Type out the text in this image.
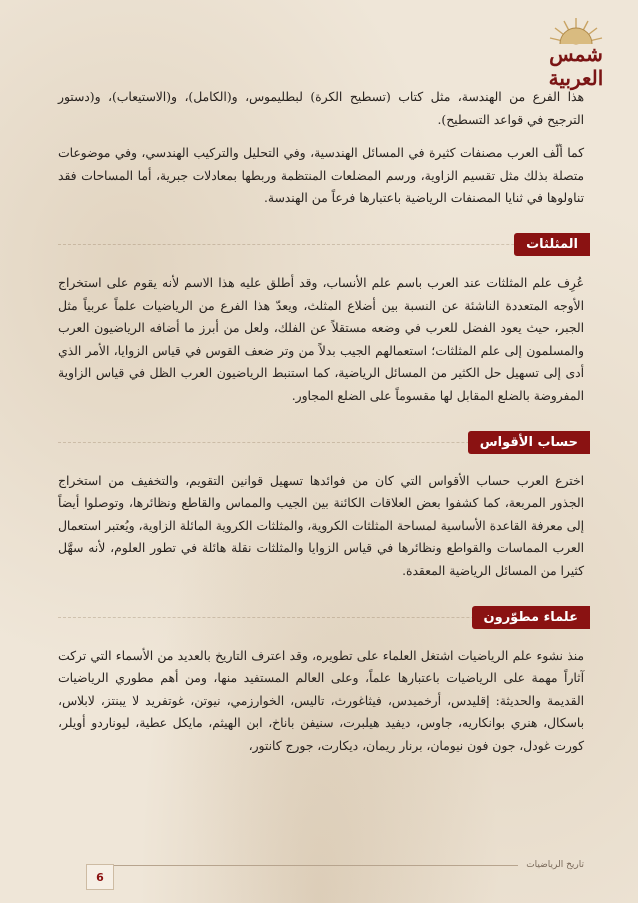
شمس العربية

هذا الفرع من الهندسة، مثل كتاب (تسطيح الكرة) لبطليموس، و(الكامل)، و(الاستيعاب)، و(دستور الترجيح في قواعد التسطيح).

كما ألّف العرب مصنفات كثيرة في المسائل الهندسية، وفي التحليل والتركيب الهندسي، وفي موضوعات متصلة بذلك مثل تقسيم الزاوية، ورسم المضلعات المنتظمة وربطها بمعادلات جبرية، أما المساحات فقد تناولوها في ثنايا المصنفات الرياضية باعتبارها فرعاً من الهندسة.

المثلثات

عُرِف علم المثلثات عند العرب باسم علم الأنساب، وقد أطلق عليه هذا الاسم لأنه يقوم على استخراج الأوجه المتعددة الناشئة عن النسبة بين أضلاع المثلث، ويعدّ هذا الفرع من الرياضيات علماً عربياً مثل الجبر، حيث يعود الفضل للعرب في وضعه مستقلاً عن الفلك، ولعل من أبرز ما أضافه الرياضيون العرب والمسلمون إلى علم المثلثات؛ استعمالهم الجيب بدلاً من وتر ضعف القوس في قياس الزوايا، الأمر الذي أدى إلى تسهيل حل الكثير من المسائل الرياضية، كما استنبط الرياضيون العرب الظل في قياس الزاوية المفروضة بالضلع المقابل لها مقسوماً على الضلع المجاور.

حساب الأقواس

اخترع العرب حساب الأقواس التي كان من فوائدها تسهيل قوانين التقويم، والتخفيف من استخراج الجذور المربعة، كما كشفوا بعض العلاقات الكائنة بين الجيب والمماس والقاطع ونظائرها، وتوصلوا أيضاً إلى معرفة القاعدة الأساسية لمساحة المثلثات الكروية، والمثلثات الكروية المائلة الزاوية، ويُعتبر استعمال العرب المماسات والقواطع ونظائرها في قياس الزوايا والمثلثات نقلة هائلة في تطور العلوم، لأنه سهَّل كثيرا من المسائل الرياضية المعقدة.

علماء مطوّرون

منذ نشوء علم الرياضيات اشتغل العلماء على تطويره، وقد اعترف التاريخ بالعديد من الأسماء التي تركت آثاراً مهمة على الرياضيات باعتبارها علماً، وعلى العالم المستفيد منها، ومن أهم مطوري الرياضيات القديمة والحديثة: إقليدس، أرخميدس، فيثاغورث، تاليس، الخوارزمي، نيوتن، غوتفريد لا يبنتز، لابلاس، باسكال، هنري بوانكاريه، جاوس، ديفيد هيلبرت، سنيفن باناخ، ابن الهيثم، مايكل عطية، ليوناردو أويلر، كورت غودل، جون فون نيومان، برنار ريمان، ديكارت، جورج كانتور،

تاريخ الرياضيات
6
